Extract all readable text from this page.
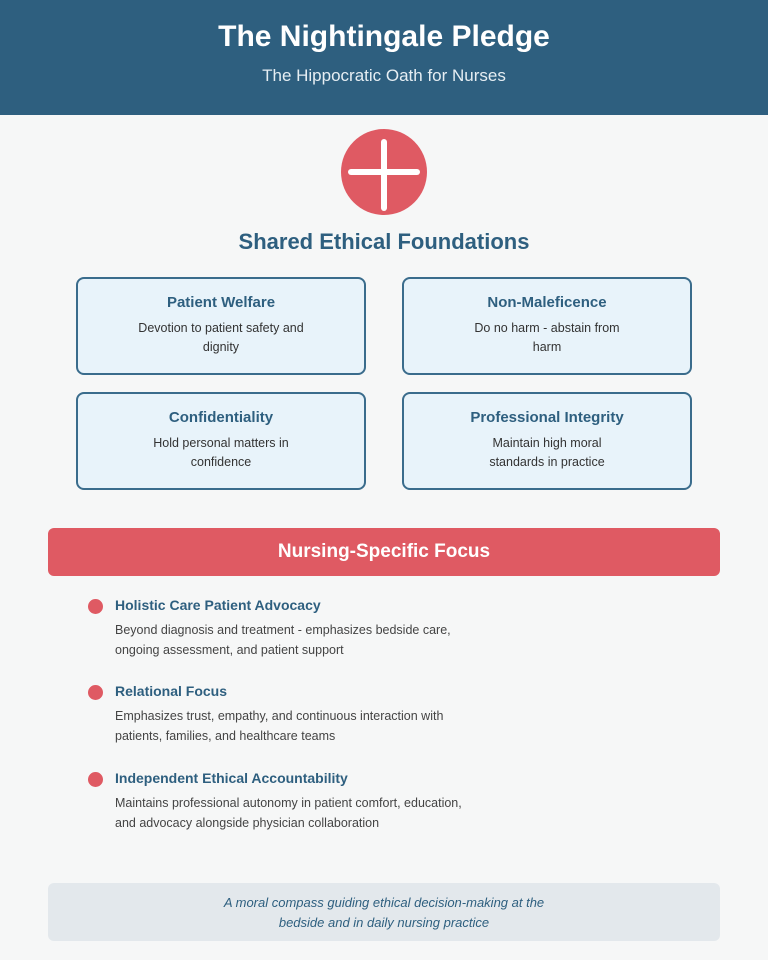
The Nightingale Pledge
The Hippocratic Oath for Nurses
Shared Ethical Foundations
Patient Welfare
Devotion to patient safety and dignity
Non-Maleficence
Do no harm - abstain from harm
Confidentiality
Hold personal matters in confidence
Professional Integrity
Maintain high moral standards in practice
Nursing-Specific Focus
Holistic Care Patient Advocacy
Beyond diagnosis and treatment - emphasizes bedside care, ongoing assessment, and patient support
Relational Focus
Emphasizes trust, empathy, and continuous interaction with patients, families, and healthcare teams
Independent Ethical Accountability
Maintains professional autonomy in patient comfort, education, and advocacy alongside physician collaboration
A moral compass guiding ethical decision-making at the bedside and in daily nursing practice
